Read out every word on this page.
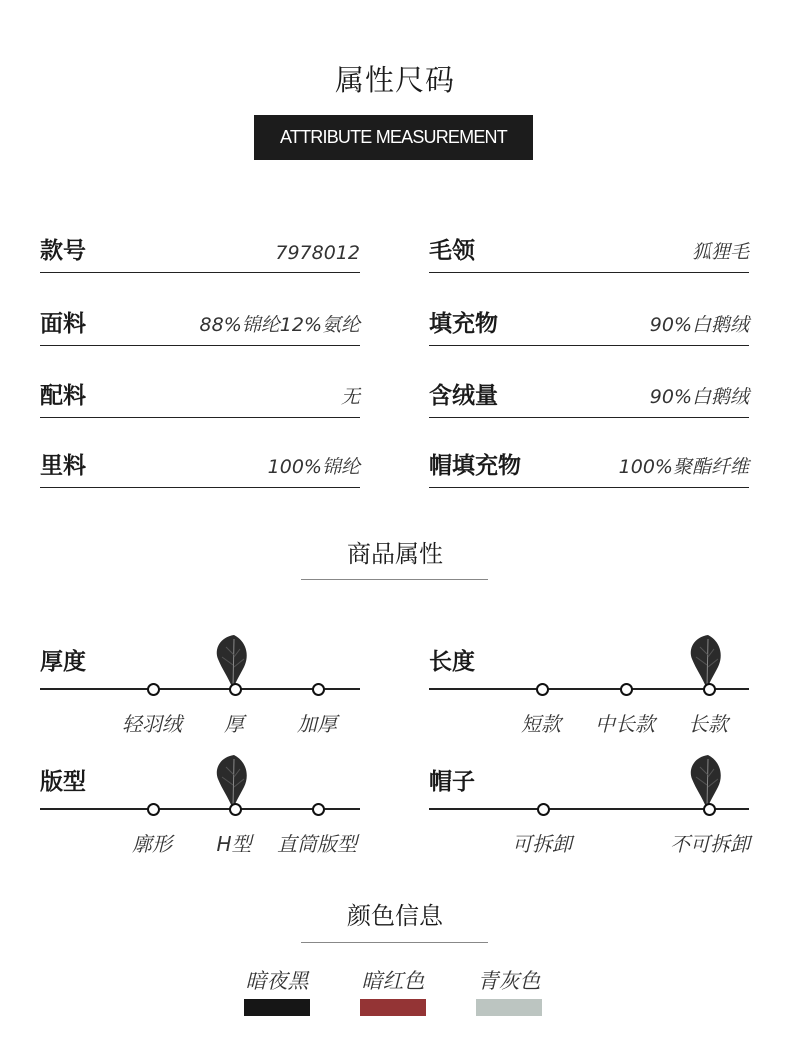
属性尺码
ATTRIBUTE MEASUREMENT
款号	7978012
面料	88%锦纶12%氨纶
配料	无
里料	100%锦纶
毛领	狐狸毛
填充物	90%白鹅绒
含绒量	90%白鹅绒
帽填充物	100%聚酯纤维
商品属性
厚度
轻羽绒	厚	加厚
长度
短款	中长款	长款
版型
廓形	H型	直筒版型
帽子
可拆卸	不可拆卸
颜色信息
暗夜黑	暗红色	青灰色
